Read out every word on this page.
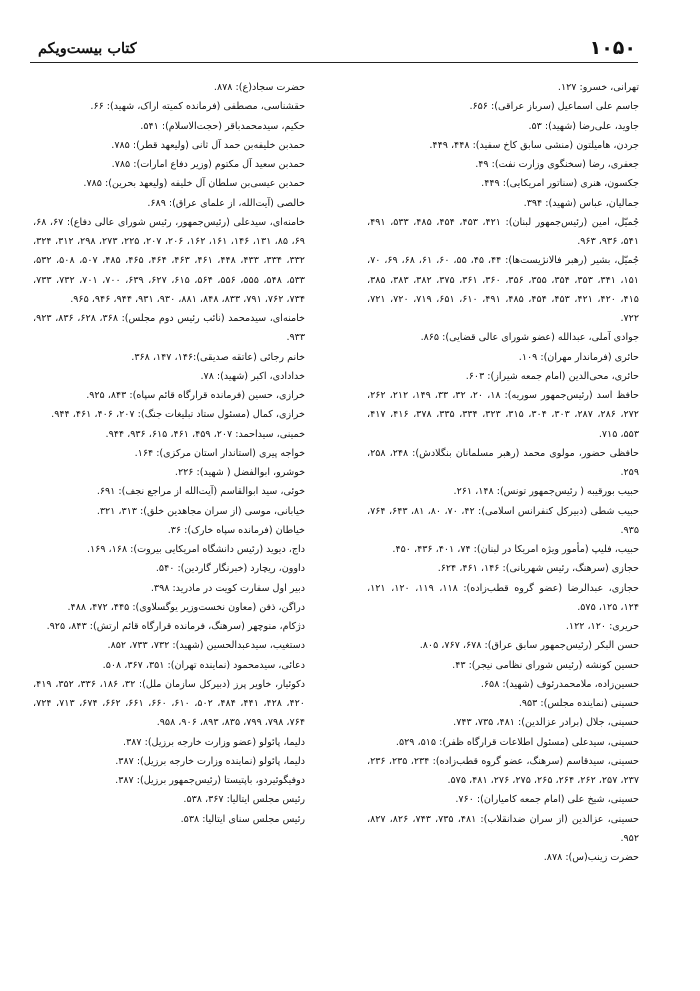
کتاب بیست‌ویکم	۱۰۵۰
تهرانی، خسرو: ۱۲۷.
جاسم علی اسماعیل (سرباز عراقی): ۶۵۶.
جاوید، علی‌رضا (شهید): ۵۳.
جردن، هامیلتون (منشی سابق کاخ سفید): ۴۴۸، ۴۴۹.
جعفری، رضا (سخنگوی وزارت نفت): ۴۹.
جکسون، هنری (سناتور امریکایی): ۴۴۹.
جمالیان، عباس (شهید): ۳۹۴.
جُمیّل، امین (رئیس‌جمهور لبنان): ۴۲۱، ۴۵۳، ۴۵۴، ۴۸۵، ۵۳۳، ۴۹۱، ۵۴۱، ۹۳۶، ۹۶۳.
جُمیّل، بشیر (رهبر فالانژیست‌ها): ۴۴، ۴۵، ۵۵، ۶۰، ۶۱، ۶۸، ۶۹، ۷۰، ۱۵۱، ۳۴۱، ۳۵۳، ۳۵۴، ۳۵۵، ۳۵۶، ۳۶۰، ۳۶۱، ۳۷۵، ۳۸۲، ۳۸۳، ۳۸۵، ۴۱۵، ۴۲۰، ۴۲۱، ۴۵۳، ۴۵۴، ۴۸۵، ۴۹۱، ۶۱۰، ۶۵۱، ۷۱۹، ۷۲۰، ۷۲۱، ۷۲۲.
جوادی آملی، عبدالله (عضو شورای عالی قضایی): ۸۶۵.
حائری (فرماندار مهران): ۱۰۹.
حائری، محی‌الدین (امام جمعه شیراز): ۶۰۳.
حافظ اسد (رئیس‌جمهور سوریه): ۱۸، ۲۰، ۳۲، ۳۳، ۱۴۹، ۲۱۲، ۲۶۲، ۲۷۲، ۲۸۶، ۲۸۷، ۳۰۳، ۳۰۴، ۳۱۵، ۳۲۳، ۳۳۴، ۳۳۵، ۳۷۸، ۴۱۶، ۴۱۷، ۵۵۳، ۷۱۵.
حافظی حضور، مولوی محمد (رهبر مسلمانان بنگلادش): ۲۴۸، ۲۵۸، ۲۵۹.
حبیب بورقیبه ( رئیس‌جمهور تونس): ۱۴۸، ۲۶۱.
حبیب شطی (دبیرکل کنفرانس اسلامی): ۴۲، ۷۰، ۸۰، ۸۱، ۶۴۳، ۷۶۴، ۹۳۵.
حبیب، فلیپ (مأمور ویژه امریکا در لبنان): ۷۴، ۴۰۱، ۴۳۶، ۴۵۰.
حجازی (سرهنگ، رئیس شهربانی): ۱۴۶، ۴۶۱، ۶۲۴.
حجازی، عبدالرضا (عضو گروه قطب‌زاده): ۱۱۸، ۱۱۹، ۱۲۰، ۱۲۱، ۱۲۴، ۱۲۵، ۵۷۵.
حریری: ۱۲۰، ۱۲۲.
حسن البکر (رئیس‌جمهور سابق عراق): ۶۷۸، ۷۶۷، ۸۰۵.
حسین کونشه (رئیس شورای نظامی نیجر): ۴۳.
حسین‌زاده، ملامحمدرئوف (شهید): ۶۵۸.
حسینی (نماینده مجلس): ۹۵۳.
حسینی، جلال (برادر عزالدین): ۴۸۱، ۷۳۵، ۷۴۳.
حسینی، سیدعلی (مسئول اطلاعات قرارگاه ظفر): ۵۱۵، ۵۲۹.
حسینی، سیدقاسم (سرهنگ، عضو گروه قطب‌زاده): ۲۳۴، ۲۳۵، ۲۳۶، ۲۳۷، ۲۵۷، ۲۶۲، ۲۶۴، ۲۶۵، ۲۷۵، ۲۷۶، ۴۸۱، ۵۷۵.
حسینی، شیخ علی (امام جمعه کامیاران): ۷۶۰.
حسینی، عزالدین (از سران ضدانقلاب): ۴۸۱، ۷۳۵، ۷۴۳، ۸۲۶، ۸۲۷، ۹۵۲.
حضرت زینب(س): ۸۷۸.
حضرت سجاد(ع): ۸۷۸.
حقشناسی، مصطفی (فرمانده کمیته اراک، شهید): ۶۶.
حکیم، سیدمحمدباقر (حجت‌الاسلام): ۵۴۱.
حمدبن خلیفه‌بن حمد آل ثانی (ولیعهد قطر): ۷۸۵.
حمدبن سعید آل مکتوم (وزیر دفاع امارات): ۷۸۵.
حمدبن عیسی‌بن سلطان آل خلیفه (ولیعهد بحرین): ۷۸۵.
خالصی (آیت‌الله، از علمای عراق): ۶۸۹.
خامنه‌ای، سیدعلی (رئیس‌جمهور، رئیس شورای عالی دفاع): ۶۷، ۶۸، ۶۹، ۸۵، ۱۳۱، ۱۴۶، ۱۶۱، ۱۶۲، ۲۰۶، ۲۰۷، ۲۲۵، ۲۷۳، ۲۹۸، ۳۱۲، ۳۲۴، ۳۳۲، ۳۳۴، ۴۳۳، ۴۴۸، ۴۶۱، ۴۶۳، ۴۶۴، ۴۶۵، ۴۸۵، ۵۰۷، ۵۰۸، ۵۳۲، ۵۳۳، ۵۴۸، ۵۵۵، ۵۵۶، ۵۶۴، ۶۱۵، ۶۲۷، ۶۳۹، ۷۰۰، ۷۰۱، ۷۳۲، ۷۳۳، ۷۳۴، ۷۶۲، ۷۹۱، ۸۳۳، ۸۴۸، ۸۸۱، ۹۳۰، ۹۳۱، ۹۴۴، ۹۴۶، ۹۶۵.
خامنه‌ای، سیدمحمد (نائب رئیس دوم مجلس): ۳۶۸، ۶۲۸، ۸۳۶، ۹۲۳، ۹۳۳.
خانم رجائی (عاتقه صدیقی):۱۴۶، ۱۴۷، ۳۶۸.
خدادادی، اکبر (شهید): ۷۸.
خرازی، حسین (فرمانده قرارگاه قائم سپاه): ۸۴۳، ۹۲۵.
خرازی، کمال (مسئول ستاد تبلیغات جنگ): ۲۰۷، ۴۰۶، ۴۶۱، ۹۴۴.
خمینی، سیداحمد: ۲۰۷، ۴۵۹، ۴۶۱، ۶۱۵، ۹۳۶، ۹۴۴.
خواجه پیری (استاندار استان مرکزی): ۱۶۴.
خوشرو، ابوالفضل ( شهید): ۲۲۶.
خوئی، سید ابوالقاسم (آیت‌الله از مراجع نجف): ۶۹۱.
خیابانی، موسی (از سران مجاهدین خلق): ۳۱۳، ۳۲۱.
خیاطان (فرمانده سپاه خارک): ۳۶.
داج، دیوید (رئیس دانشگاه امریکایی بیروت): ۱۶۸، ۱۶۹.
داوون، ریچارد (خبرنگار گاردین): ۵۴۰.
دبیر اول سفارت کویت در مادرید: ۳۹۸.
دراگن، ذفن (معاون نخست‌وزیر یوگسلاوی): ۴۴۵، ۴۷۲، ۴۸۸.
دژکام، منوچهر (سرهنگ، فرمانده قرارگاه قائم ارتش): ۸۴۳، ۹۲۵.
دستغیب، سیدعبدالحسین (شهید): ۷۳۲، ۷۳۳، ۸۵۲.
دعائی، سیدمحمود (نماینده تهران): ۳۵۱، ۳۶۷، ۵۰۸.
دکوئیار، خاویر پرز (دبیرکل سازمان ملل): ۳۲، ۱۸۶، ۳۳۶، ۳۵۲، ۴۱۹، ۴۲۰، ۴۲۸، ۴۴۱، ۴۸۴، ۵۰۲، ۶۱۰، ۶۶۰، ۶۶۱، ۶۶۲، ۶۷۴، ۷۱۳، ۷۲۴، ۷۶۴، ۷۹۸، ۷۹۹، ۸۳۵، ۸۹۳، ۹۰۶، ۹۵۸.
دلیما، پائولو (عضو وزارت خارجه برزیل): ۳۸۷.
دلیما، پائولو (نماینده وزارت خارجه برزیل): ۳۸۷.
دوفیگوئیردو، باپتیستا (رئیس‌جمهور برزیل): ۳۸۷.
رئیس مجلس ایتالیا: ۳۶۷، ۵۳۸.
رئیس مجلس سنای ایتالیا: ۵۳۸.
